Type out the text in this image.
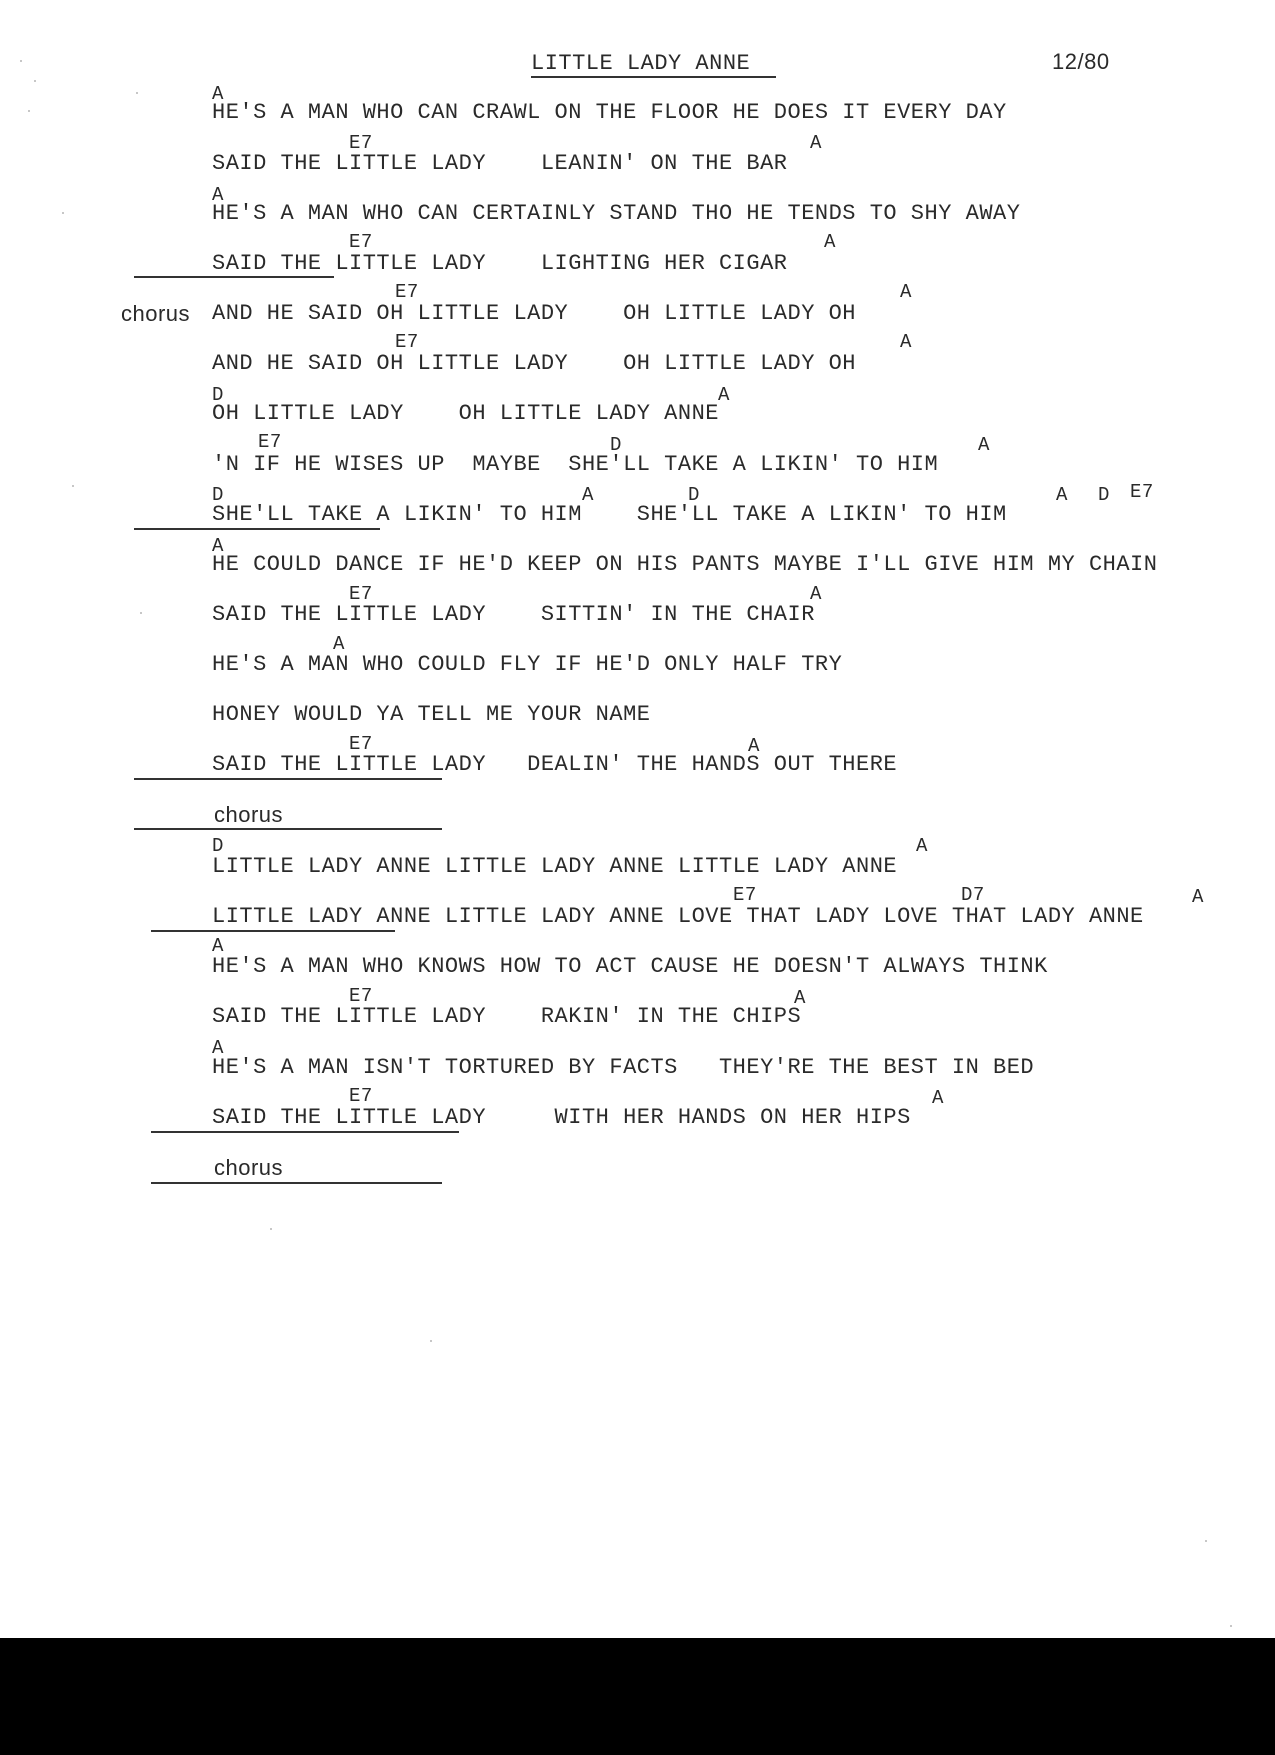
LITTLE LADY ANNE	12/80
A
HE'S A MAN WHO CAN CRAWL ON THE FLOOR HE DOES IT EVERY DAY
E7	A
SAID THE LITTLE LADY    LEANIN' ON THE BAR
A
HE'S A MAN WHO CAN CERTAINLY STAND THO HE TENDS TO SHY AWAY
E7	A
SAID THE LITTLE LADY    LIGHTING HER CIGAR
chorus
E7	A
AND HE SAID OH LITTLE LADY    OH LITTLE LADY OH
E7	A
AND HE SAID OH LITTLE LADY    OH LITTLE LADY OH
D	A
OH LITTLE LADY    OH LITTLE LADY ANNE
E7	D	A
'N IF HE WISES UP  MAYBE  SHE'LL TAKE A LIKIN' TO HIM
D	A	D	A D E7
SHE'LL TAKE A LIKIN' TO HIM    SHE'LL TAKE A LIKIN' TO HIM
A
HE COULD DANCE IF HE'D KEEP ON HIS PANTS MAYBE I'LL GIVE HIM MY CHAIN
E7	A
SAID THE LITTLE LADY    SITTIN' IN THE CHAIR
A
HE'S A MAN WHO COULD FLY IF HE'D ONLY HALF TRY
HONEY WOULD YA TELL ME YOUR NAME
E7	A
SAID THE LITTLE LADY   DEALIN' THE HANDS OUT THERE
chorus
D	A
LITTLE LADY ANNE LITTLE LADY ANNE LITTLE LADY ANNE
E7	D7	A
LITTLE LADY ANNE LITTLE LADY ANNE LOVE THAT LADY LOVE THAT LADY ANNE
A
HE'S A MAN WHO KNOWS HOW TO ACT CAUSE HE DOESN'T ALWAYS THINK
E7	A
SAID THE LITTLE LADY    RAKIN' IN THE CHIPS
A
HE'S A MAN ISN'T TORTURED BY FACTS   THEY'RE THE BEST IN BED
E7	A
SAID THE LITTLE LADY     WITH HER HANDS ON HER HIPS
chorus
